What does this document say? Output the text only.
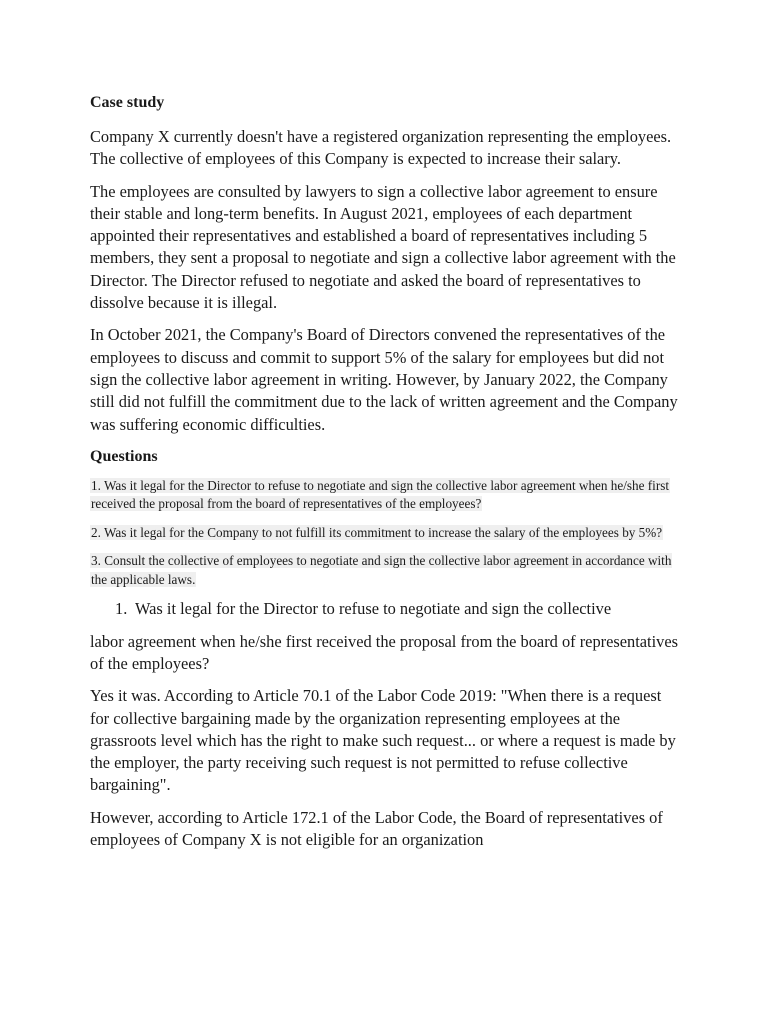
Case study

Company X currently doesn't have a registered organization representing the employees. The collective of employees of this Company is expected to increase their salary.

The employees are consulted by lawyers to sign a collective labor agreement to ensure their stable and long-term benefits. In August 2021, employees of each department appointed their representatives and established a board of representatives including 5 members, they sent a proposal to negotiate and sign a collective labor agreement with the Director. The Director refused to negotiate and asked the board of representatives to dissolve because it is illegal.

In October 2021, the Company's Board of Directors convened the representatives of the employees to discuss and commit to support 5% of the salary for employees but did not sign the collective labor agreement in writing. However, by January 2022, the Company still did not fulfill the commitment due to the lack of written agreement and the Company was suffering economic difficulties.

Questions

1. Was it legal for the Director to refuse to negotiate and sign the collective labor agreement when he/she first received the proposal from the board of representatives of the employees?

2. Was it legal for the Company to not fulfill its commitment to increase the salary of the employees by 5%?

3. Consult the collective of employees to negotiate and sign the collective labor agreement in accordance with the applicable laws.

1. Was it legal for the Director to refuse to negotiate and sign the collective

labor agreement when he/she first received the proposal from the board of representatives of the employees?

Yes it was. According to Article 70.1 of the Labor Code 2019: "When there is a request for collective bargaining made by the organization representing employees at the grassroots level which has the right to make such request... or where a request is made by the employer, the party receiving such request is not permitted to refuse collective bargaining".

However, according to Article 172.1 of the Labor Code, the Board of representatives of employees of Company X is not eligible for an organization
